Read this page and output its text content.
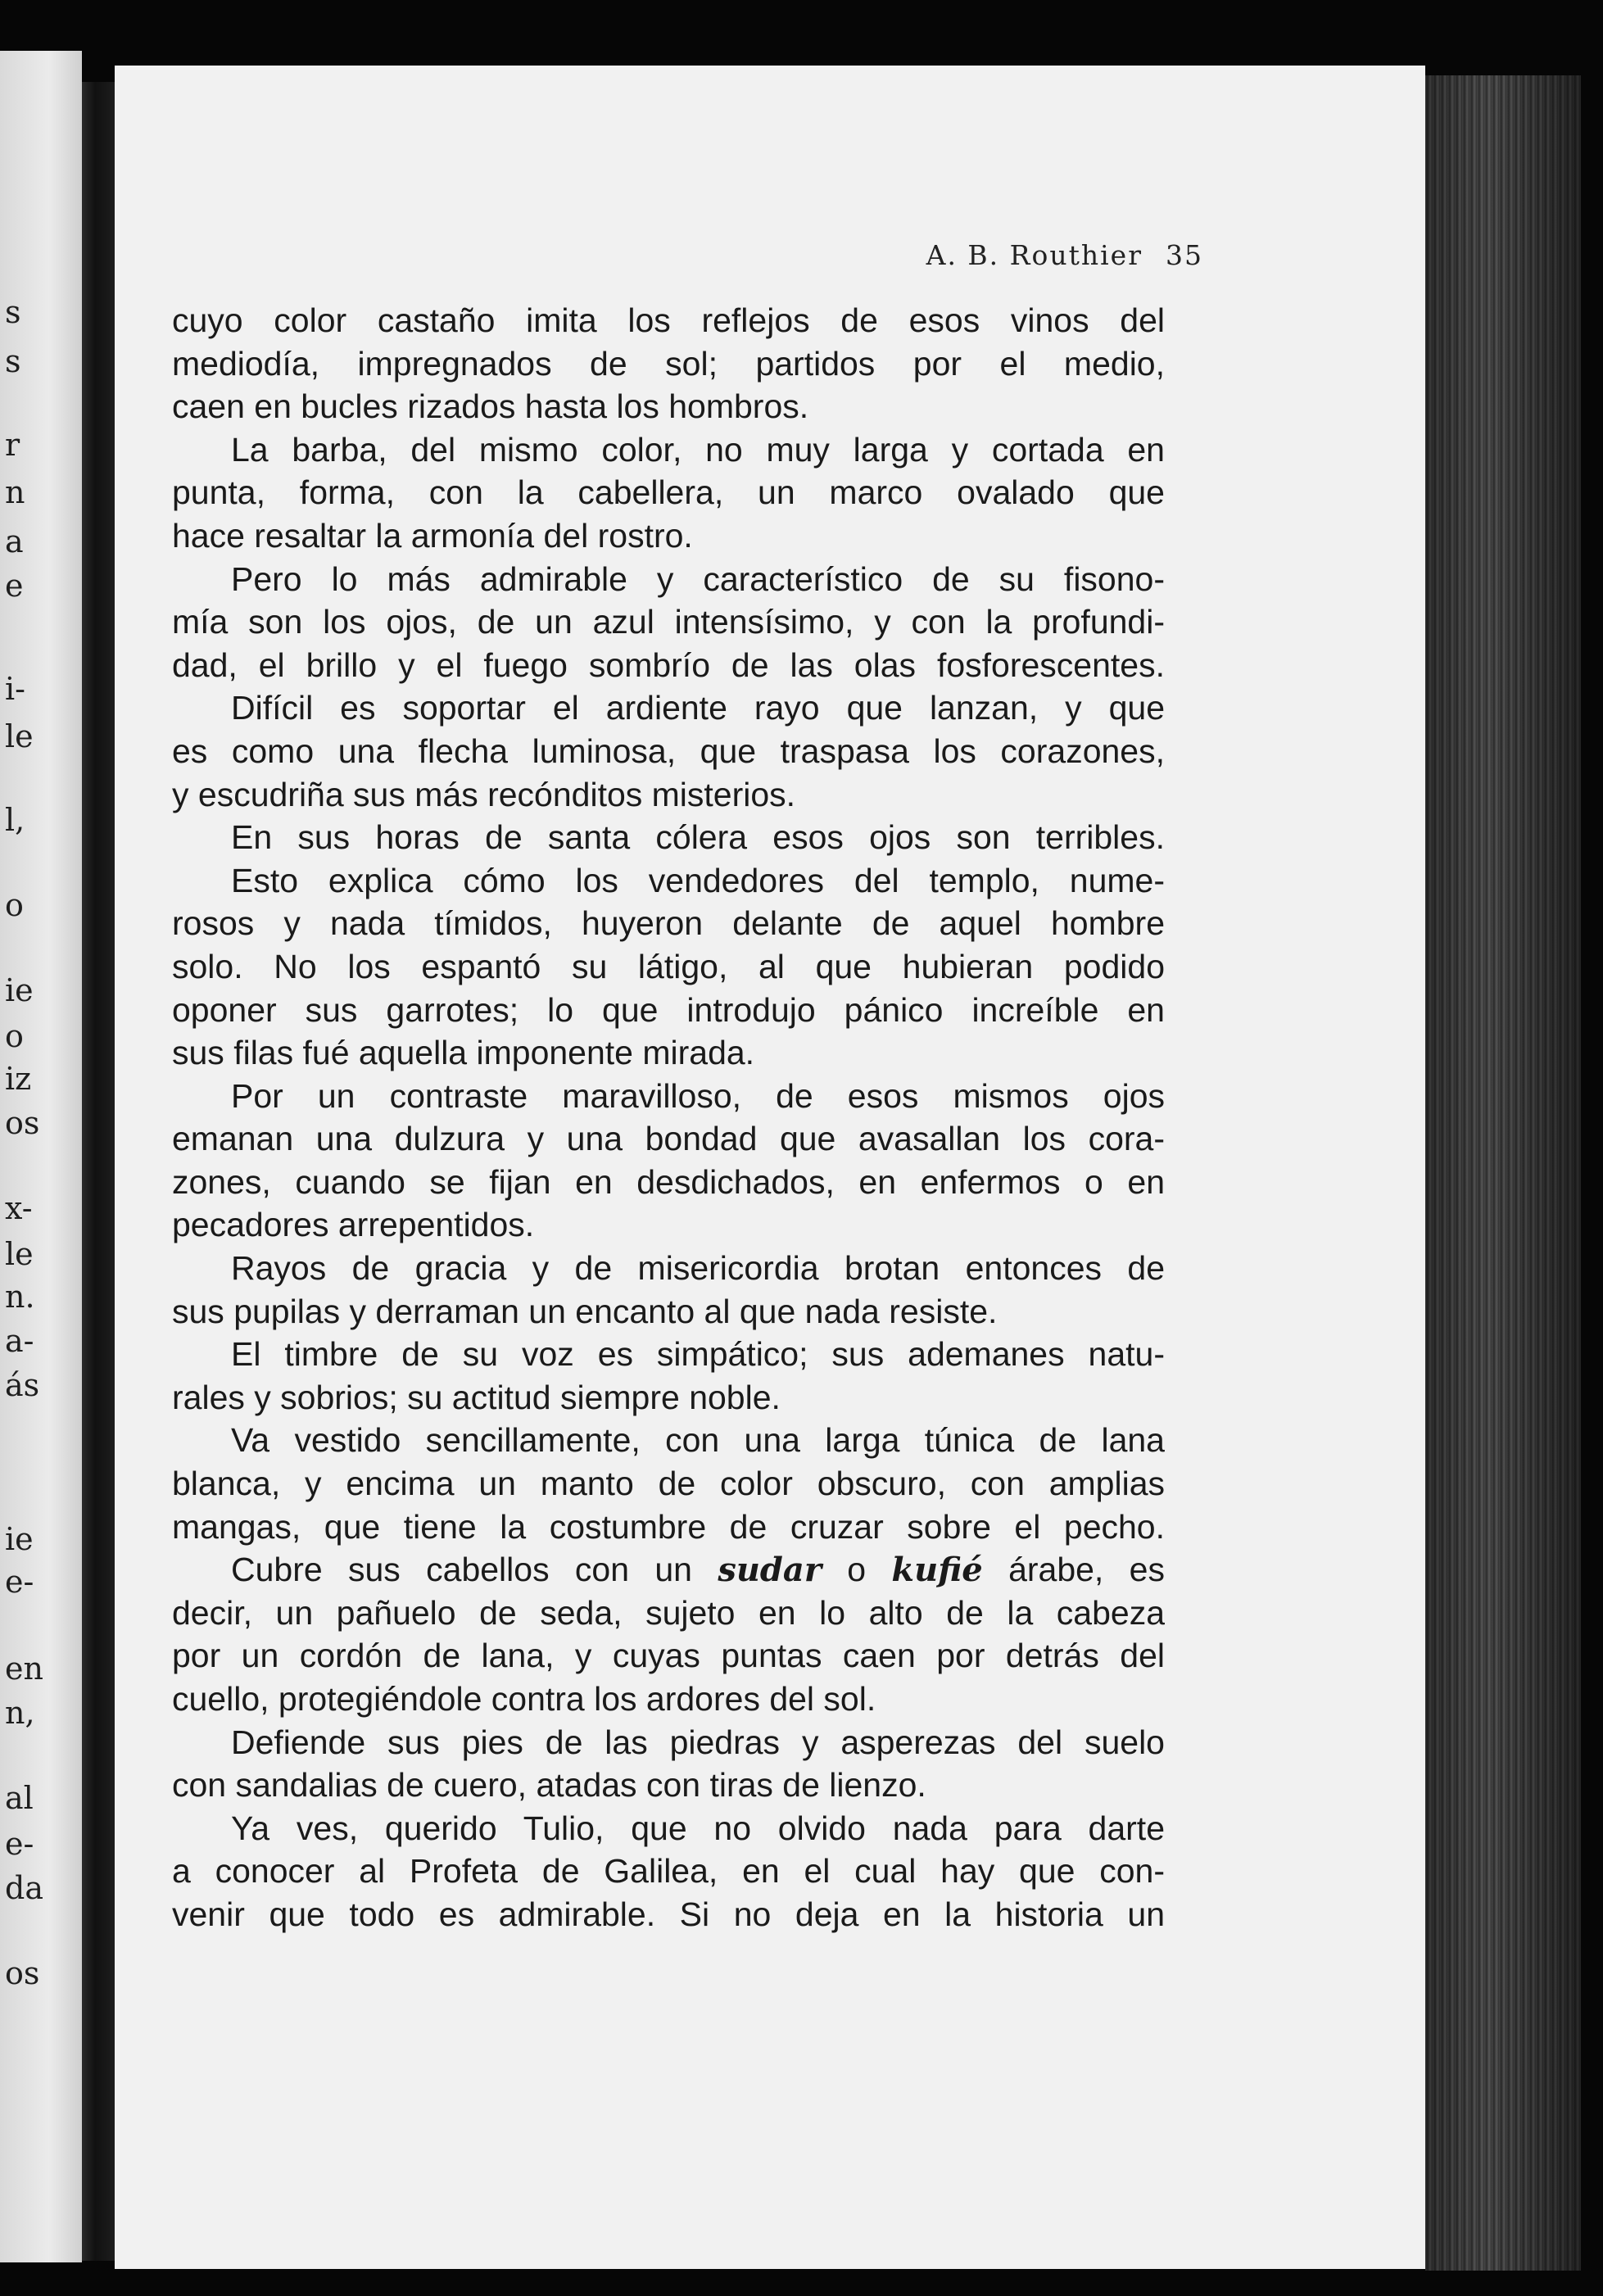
s
s
r
n
a
e
i-
le
l,
o
ie
o
iz
os
x-
le
n.
a-
ás
ie
e-
en
n,
al
e-
da
os
A. B. Routhier 35
cuyo color castaño imita los reflejos de esos vinos del
mediodía, impregnados de sol; partidos por el medio,
caen en bucles rizados hasta los hombros.
La barba, del mismo color, no muy larga y cortada en
punta, forma, con la cabellera, un marco ovalado que
hace resaltar la armonía del rostro.
Pero lo más admirable y característico de su fisono-
mía son los ojos, de un azul intensísimo, y con la profundi-
dad, el brillo y el fuego sombrío de las olas fosforescentes.
Difícil es soportar el ardiente rayo que lanzan, y que
es como una flecha luminosa, que traspasa los corazones,
y escudriña sus más recónditos misterios.
En sus horas de santa cólera esos ojos son terribles.
Esto explica cómo los vendedores del templo, nume-
rosos y nada tímidos, huyeron delante de aquel hombre
solo. No los espantó su látigo, al que hubieran podido
oponer sus garrotes; lo que introdujo pánico increíble en
sus filas fué aquella imponente mirada.
Por un contraste maravilloso, de esos mismos ojos
emanan una dulzura y una bondad que avasallan los cora-
zones, cuando se fijan en desdichados, en enfermos o en
pecadores arrepentidos.
Rayos de gracia y de misericordia brotan entonces de
sus pupilas y derraman un encanto al que nada resiste.
El timbre de su voz es simpático; sus ademanes natu-
rales y sobrios; su actitud siempre noble.
Va vestido sencillamente, con una larga túnica de lana
blanca, y encima un manto de color obscuro, con amplias
mangas, que tiene la costumbre de cruzar sobre el pecho.
Cubre sus cabellos con un sudar o kufié árabe, es
decir, un pañuelo de seda, sujeto en lo alto de la cabeza
por un cordón de lana, y cuyas puntas caen por detrás del
cuello, protegiéndole contra los ardores del sol.
Defiende sus pies de las piedras y asperezas del suelo
con sandalias de cuero, atadas con tiras de lienzo.
Ya ves, querido Tulio, que no olvido nada para darte
a conocer al Profeta de Galilea, en el cual hay que con-
venir que todo es admirable. Si no deja en la historia un
